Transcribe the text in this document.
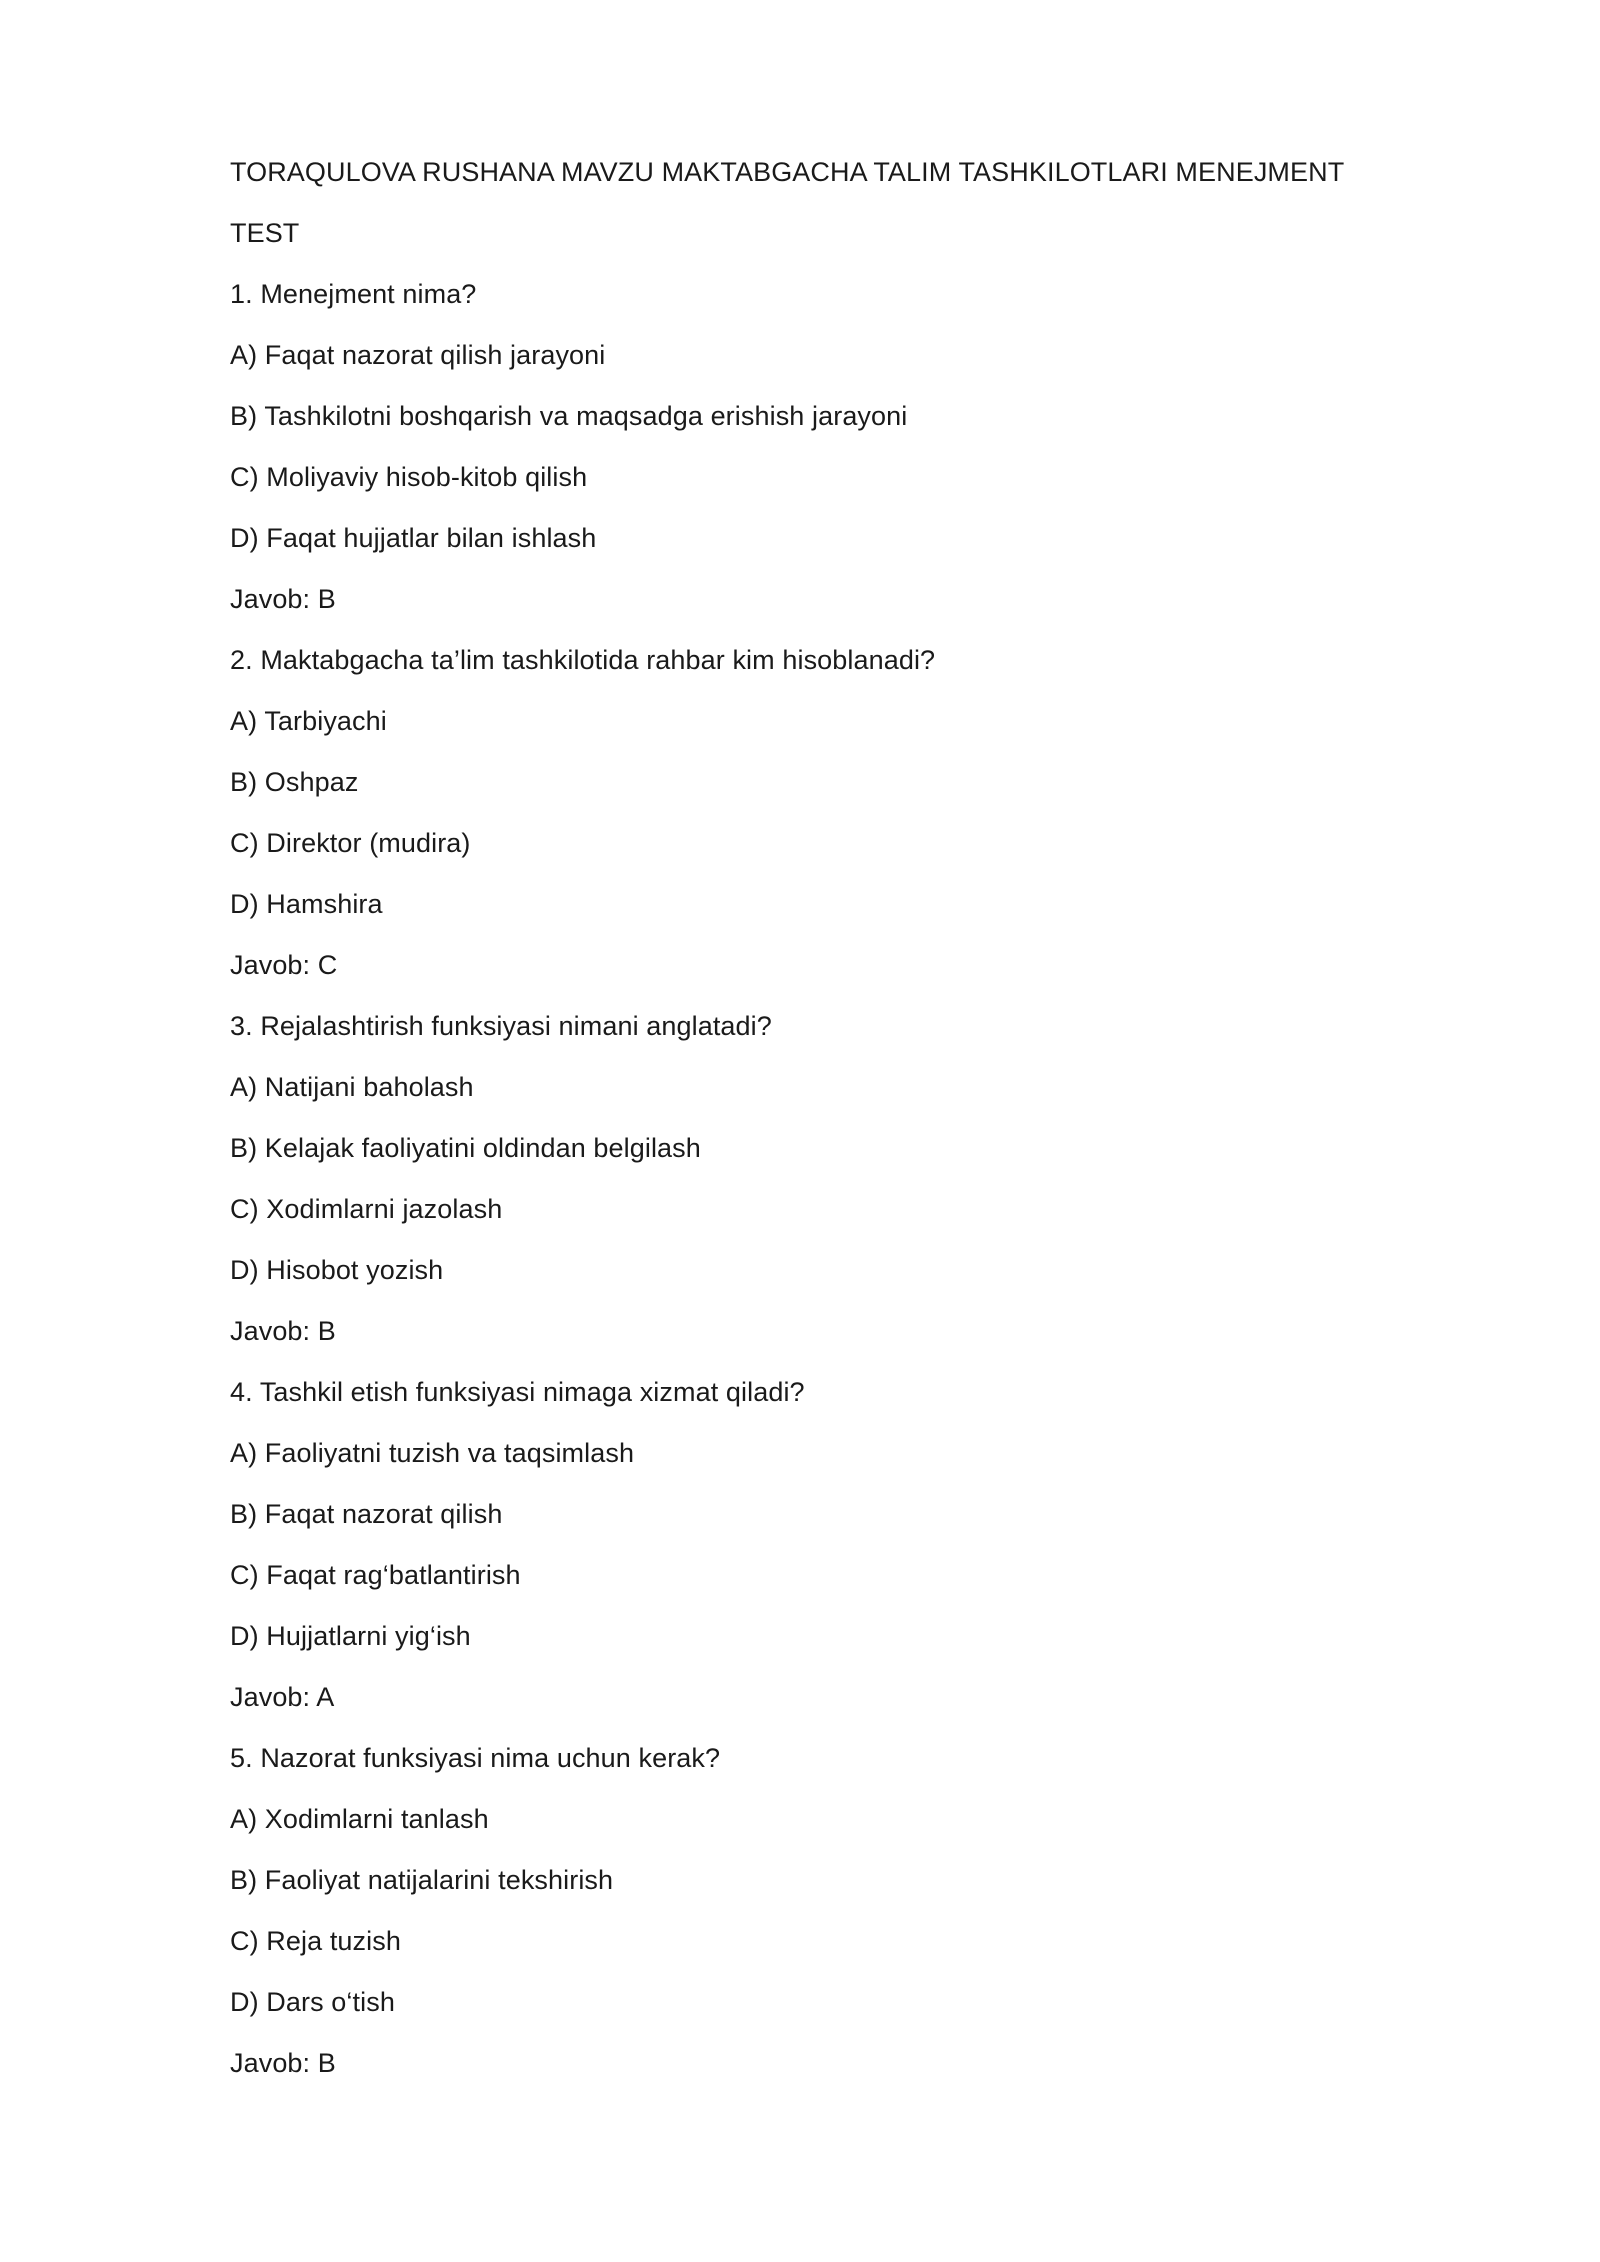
TORAQULOVA RUSHANA MAVZU MAKTABGACHA TALIM TASHKILOTLARI MENEJMENT
TEST
1. Menejment nima?
A) Faqat nazorat qilish jarayoni
B) Tashkilotni boshqarish va maqsadga erishish jarayoni
C) Moliyaviy hisob-kitob qilish
D) Faqat hujjatlar bilan ishlash
Javob: B
2. Maktabgacha ta’lim tashkilotida rahbar kim hisoblanadi?
A) Tarbiyachi
B) Oshpaz
C) Direktor (mudira)
D) Hamshira
Javob: C
3. Rejalashtirish funksiyasi nimani anglatadi?
A) Natijani baholash
B) Kelajak faoliyatini oldindan belgilash
C) Xodimlarni jazolash
D) Hisobot yozish
Javob: B
4. Tashkil etish funksiyasi nimaga xizmat qiladi?
A) Faoliyatni tuzish va taqsimlash
B) Faqat nazorat qilish
C) Faqat rag‘batlantirish
D) Hujjatlarni yig‘ish
Javob: A
5. Nazorat funksiyasi nima uchun kerak?
A) Xodimlarni tanlash
B) Faoliyat natijalarini tekshirish
C) Reja tuzish
D) Dars o‘tish
Javob: B
